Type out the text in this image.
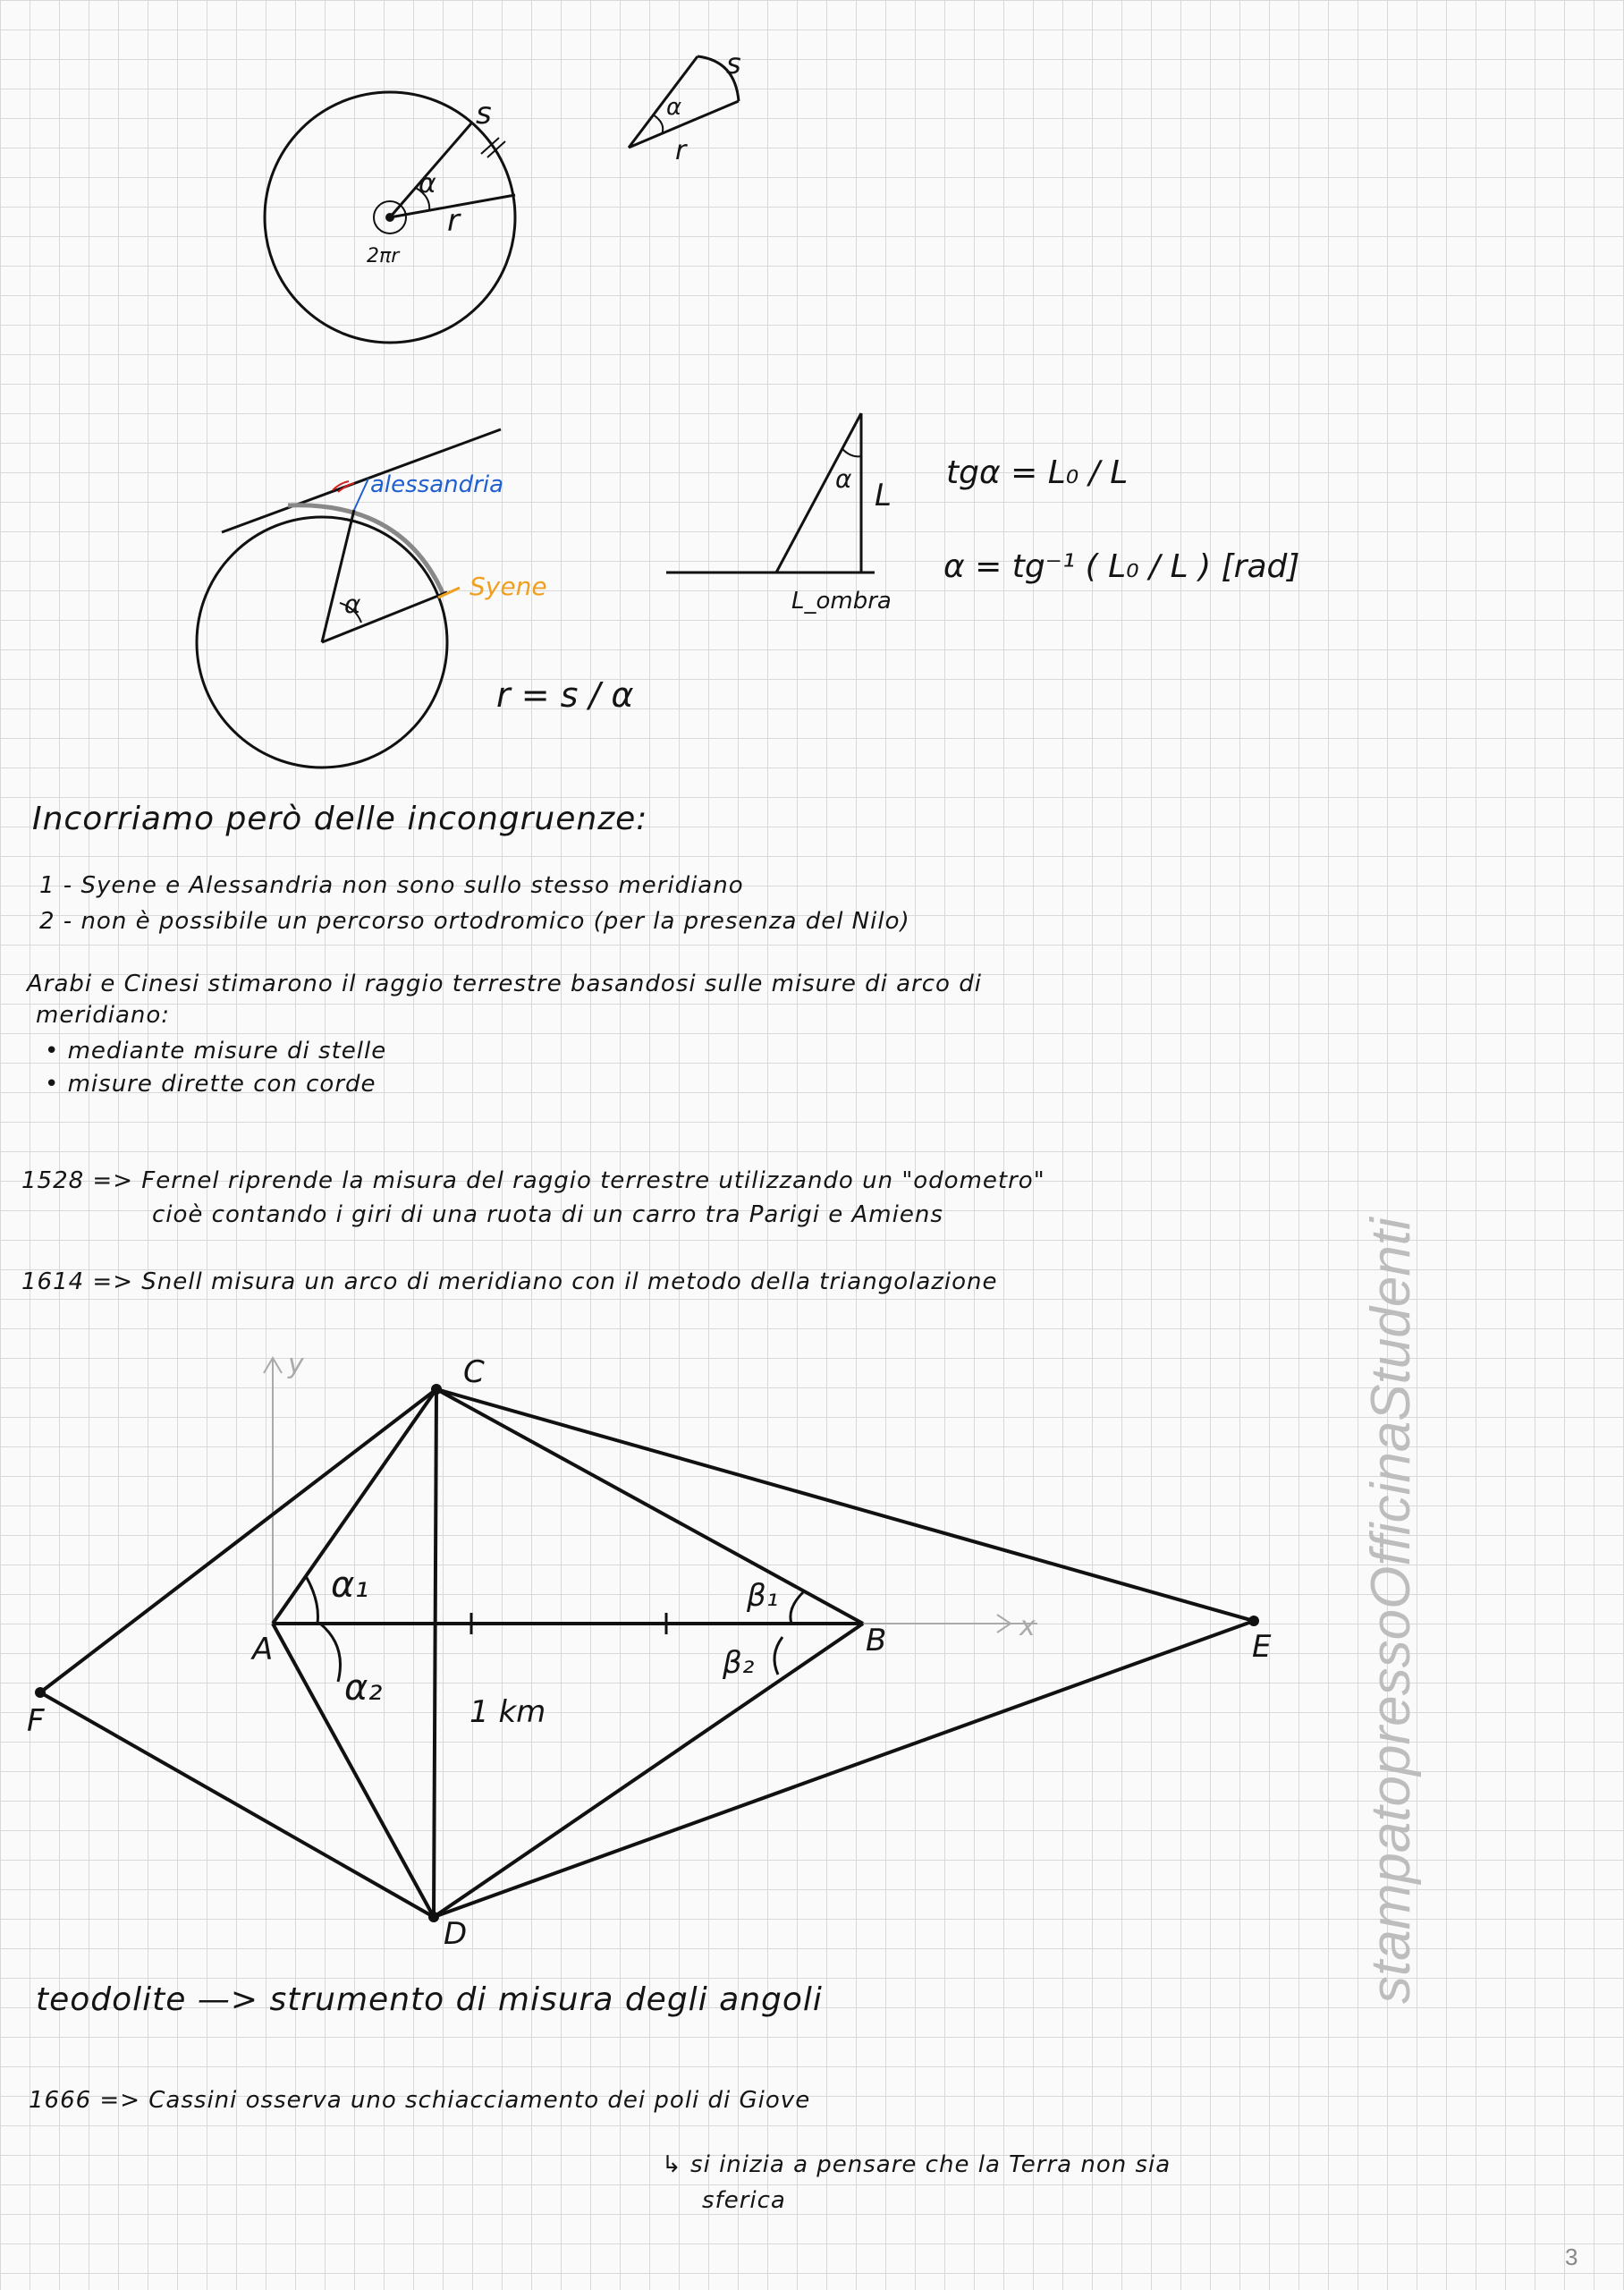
s
α
r
2πr
s
α
r
alessandria
Syene
α
r = s / α
α L
L_ombra
tgα = L₀ / L
α = tg⁻¹ ( L₀ / L ) [rad]
Incorriamo però delle incongruenze:
1 - Syene e Alessandria non sono sullo stesso meridiano
2 - non è possibile un percorso ortodromico (per la presenza del Nilo)
Arabi e Cinesi stimarono il raggio terrestre basandosi sulle misure di arco di
meridiano:
• mediante misure di stelle
• misure dirette con corde
1528 => Fernel riprende la misura del raggio terrestre utilizzando un "odometro"
cioè contando i giri di una ruota di un carro tra Parigi e Amiens
1614 => Snell misura un arco di meridiano con il metodo della triangolazione
y
x
C
A	B
D
E
F
α₁
α₂
β₁
β₂
1 km
teodolite —> strumento di misura degli angoli
1666 => Cassini osserva uno schiacciamento dei poli di Giove
↳ si inizia a pensare che la Terra non sia
sferica
stampatopressoOfficinaStudenti
3
